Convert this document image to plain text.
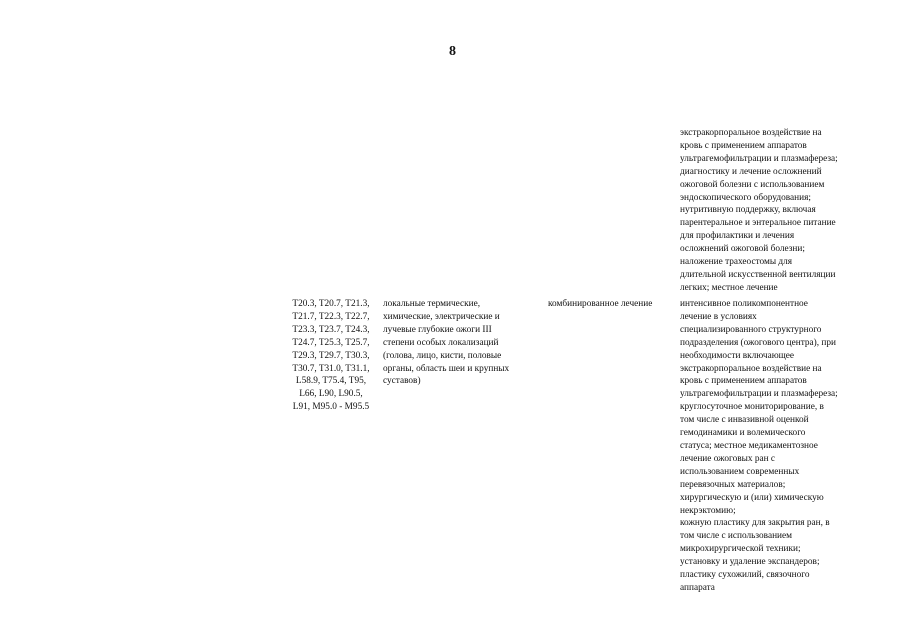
8
экстракорпоральное воздействие на
кровь с применением аппаратов
ультрагемофильтрации и плазмафереза;
диагностику и лечение осложнений
ожоговой болезни с использованием
эндоскопического оборудования;
нутритивную поддержку, включая
парентеральное и энтеральное питание
для профилактики и лечения
осложнений ожоговой болезни;
наложение трахеостомы для
длительной искусственной вентиляции
легких; местное лечение
T20.3, T20.7, T21.3,
T21.7, T22.3, T22.7,
T23.3, T23.7, T24.3,
T24.7, T25.3, T25.7,
T29.3, T29.7, T30.3,
T30.7, T31.0, T31.1,
L58.9, T75.4, T95,
L66, L90, L90.5,
L91, M95.0 - M95.5
локальные термические,
химические, электрические и
лучевые глубокие ожоги III
степени особых локализаций
(голова, лицо, кисти, половые
органы, область шеи и крупных
суставов)
комбинированное лечение	интенсивное поликомпонентное
лечение в условиях
специализированного структурного
подразделения (ожогового центра), при
необходимости включающее
экстракорпоральное воздействие на
кровь с применением аппаратов
ультрагемофильтрации и плазмафереза;
круглосуточное мониторирование, в
том числе с инвазивной оценкой
гемодинамики и волемического
статуса; местное медикаментозное
лечение ожоговых ран с
использованием современных
перевязочных материалов;
хирургическую и (или) химическую
некрэктомию;
кожную пластику для закрытия ран, в
том числе с использованием
микрохирургической техники;
установку и удаление экспандеров;
пластику сухожилий, связочного
аппарата
